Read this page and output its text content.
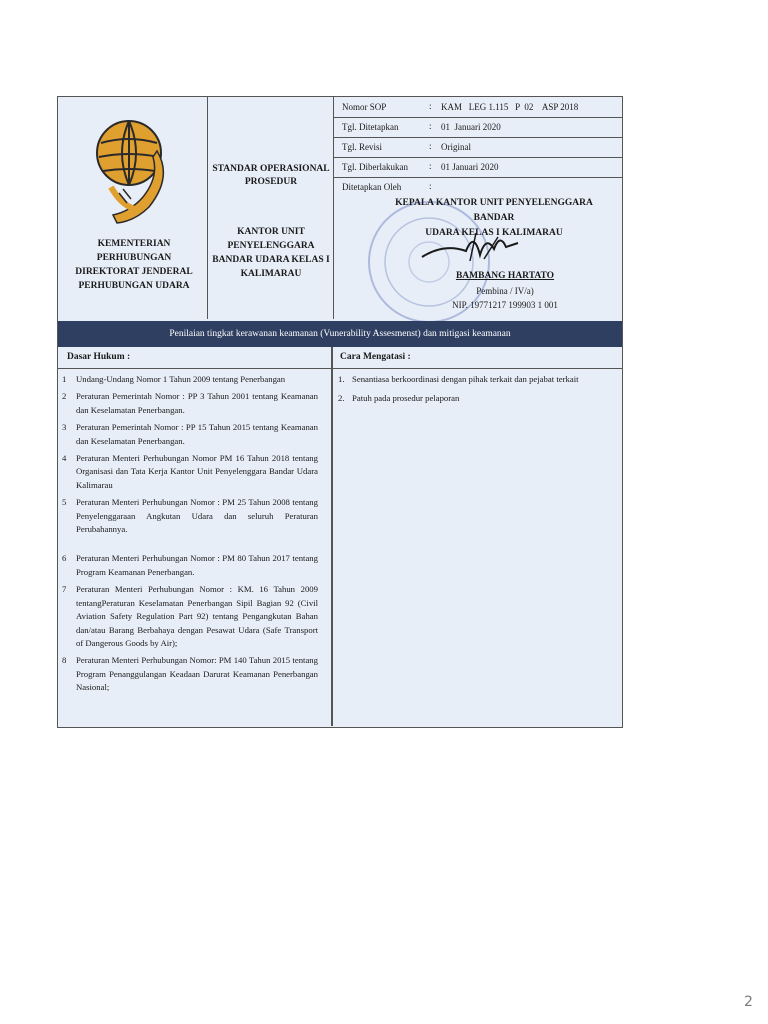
KEMENTERIAN PERHUBUNGAN
DIREKTORAT JENDERAL
PERHUBUNGAN UDARA
STANDAR OPERASIONAL
PROSEDUR
KANTOR UNIT PENYELENGGARA
BANDAR UDARA KELAS I
KALIMARAU
Nomor SOP	: KAM   LEG 1.115   P  02    ASP 2018
Tgl. Ditetapkan	: 01  Januari 2020
Tgl. Revisi	: Original
Tgl. Diberlakukan : 01 Januari 2020
Ditetapkan Oleh	:
KEPALA KANTOR UNIT PENYELENGGARA BANDAR
UDARA KELAS I KALIMARAU
BAMBANG HARTATO
Pembina / IV/a)
NIP. 19771217 199903 1 001
Penilaian tingkat kerawanan keamanan (Vunerability Assesmenst) dan mitigasi keamanan
Dasar Hukum :	Cara Mengatasi :
1	Undang-Undang Nomor 1 Tahun 2009 tentang Penerbangan
2	Peraturan Pemerintah Nomor : PP 3 Tahun 2001 tentang Keamanan dan Keselamatan Penerbangan.
3	Peraturan Pemerintah Nomor : PP 15 Tahun 2015 tentang Keamanan dan Keselamatan Penerbangan.
4	Peraturan Menteri Perhubungan Nomor PM 16 Tahun 2018 tentang Organisasi dan Tata Kerja Kantor Unit Penyelenggara Bandar Udara Kalimarau
5	Peraturan Menteri Perhubungan Nomor : PM 25 Tahun 2008 tentang Penyelenggaraan Angkutan Udara dan seluruh Peraturan Perubahannya.
6	Peraturan Menteri Perhubungan Nomor : PM 80 Tahun 2017 tentang Program Keamanan Penerbangan.
7	Peraturan Menteri Perhubungan Nomor : KM. 16 Tahun 2009 tentangPeraturan Keselamatan Penerbangan Sipil Bagian 92 (Civil Aviation Safety Regulation Part 92) tentang Pengangkutan Bahan dan/atau Barang Berbahaya dengan Pesawat Udara (Safe Transport of Dangerous Goods by Air);
8	Peraturan Menteri Perhubungan Nomor: PM 140 Tahun 2015 tentang Program Penanggulangan Keadaan Darurat Keamanan Penerbangan Nasional;
1. Senantiasa berkoordinasi dengan pihak terkait dan pejabat terkait
2. Patuh pada prosedur pelaporan
2
